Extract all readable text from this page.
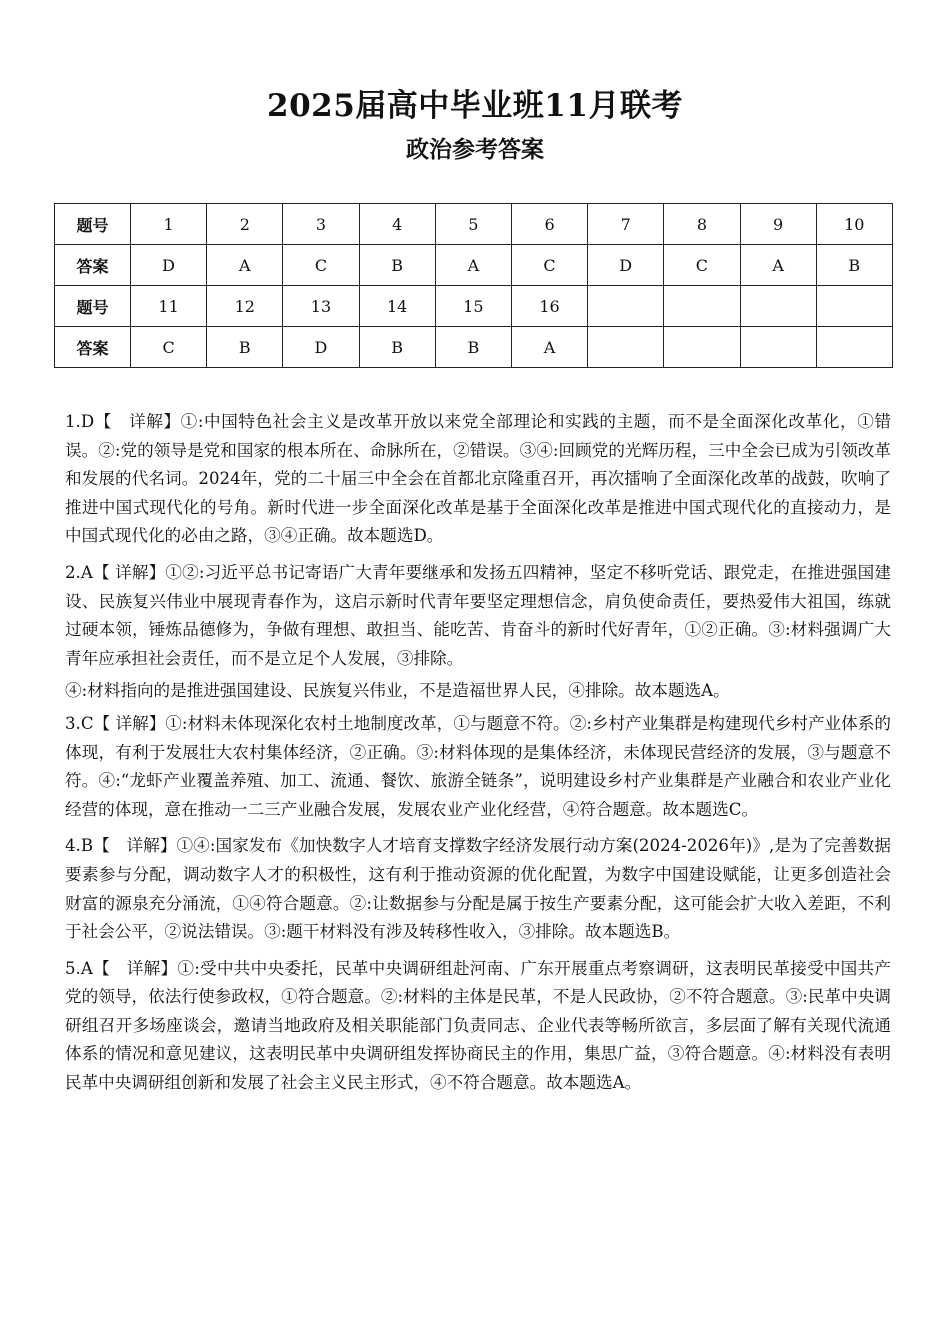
2025届高中毕业班11月联考
政治参考答案
题号	1	2	3	4	5	6	7	8	9	10
答案	D	A	C	B	A	C	D	C	A	B
题号	11	12	13	14	15	16				
答案	C	B	D	B	B	A				

1.D【　详解】①:中国特色社会主义是改革开放以来党全部理论和实践的主题，而不是全面深化改革化，①错误。②:党的领导是党和国家的根本所在、命脉所在，②错误。③④:回顾党的光辉历程，三中全会已成为引领改革和发展的代名词。2024年，党的二十届三中全会在首都北京隆重召开，再次擂响了全面深化改革的战鼓，吹响了推进中国式现代化的号角。新时代进一步全面深化改革是基于全面深化改革是推进中国式现代化的直接动力，是中国式现代化的必由之路，③④正确。故本题选D。

2.A【 详解】①②:习近平总书记寄语广大青年要继承和发扬五四精神，坚定不移听党话、跟党走，在推进强国建设、民族复兴伟业中展现青春作为，这启示新时代青年要坚定理想信念，肩负使命责任，要热爱伟大祖国，练就过硬本领，锤炼品德修为，争做有理想、敢担当、能吃苦、肯奋斗的新时代好青年，①②正确。③:材料强调广大青年应承担社会责任，而不是立足个人发展，③排除。

④:材料指向的是推进强国建设、民族复兴伟业，不是造福世界人民，④排除。故本题选A。

3.C【 详解】①:材料未体现深化农村土地制度改革，①与题意不符。②:乡村产业集群是构建现代乡村产业体系的体现，有利于发展壮大农村集体经济，②正确。③:材料体现的是集体经济，未体现民营经济的发展，③与题意不符。④:“龙虾产业覆盖养殖、加工、流通、餐饮、旅游全链条”，说明建设乡村产业集群是产业融合和农业产业化经营的体现，意在推动一二三产业融合发展，发展农业产业化经营，④符合题意。故本题选C。

4.B【　详解】①④:国家发布《加快数字人才培育支撑数字经济发展行动方案(2024-2026年)》,是为了完善数据要素参与分配，调动数字人才的积极性，这有利于推动资源的优化配置，为数字中国建设赋能，让更多创造社会财富的源泉充分涌流，①④符合题意。②:让数据参与分配是属于按生产要素分配，这可能会扩大收入差距，不利于社会公平，②说法错误。③:题干材料没有涉及转移性收入，③排除。故本题选B。

5.A【　详解】①:受中共中央委托，民革中央调研组赴河南、广东开展重点考察调研，这表明民革接受中国共产党的领导，依法行使参政权，①符合题意。②:材料的主体是民革，不是人民政协，②不符合题意。③:民革中央调研组召开多场座谈会，邀请当地政府及相关职能部门负责同志、企业代表等畅所欲言，多层面了解有关现代流通体系的情况和意见建议，这表明民革中央调研组发挥协商民主的作用，集思广益，③符合题意。④:材料没有表明民革中央调研组创新和发展了社会主义民主形式，④不符合题意。故本题选A。
